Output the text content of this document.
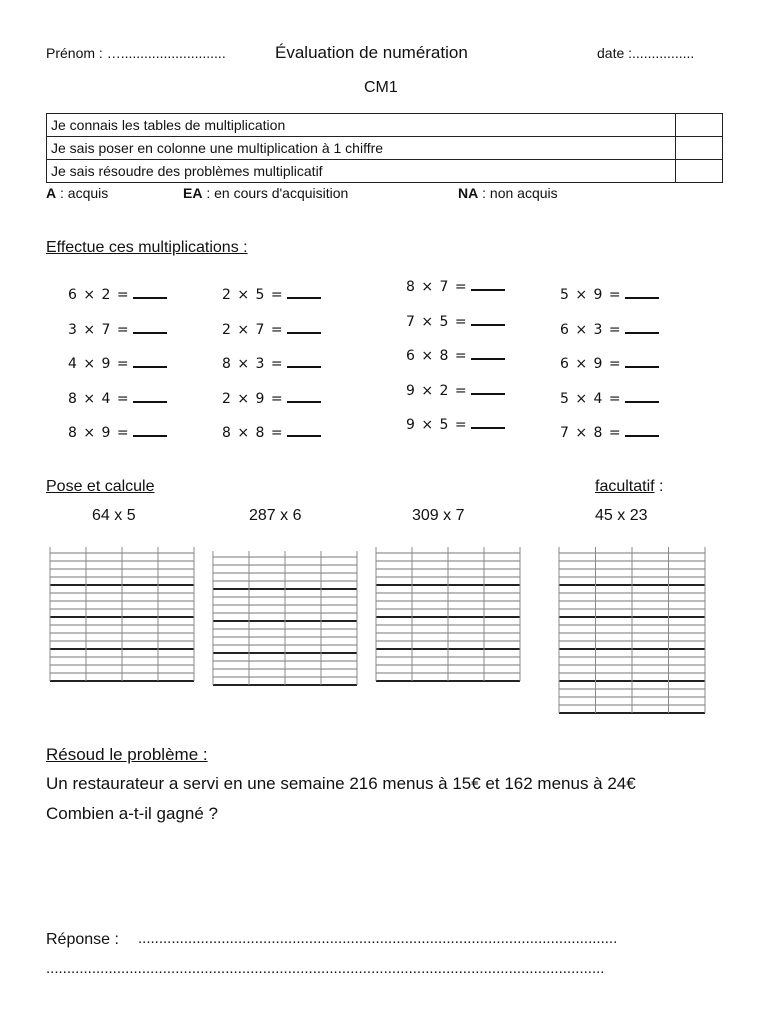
Prénom : …...........................	Évaluation de numération	date :................
CM1
Je connais les tables de multiplication	
Je sais poser en colonne une multiplication à 1 chiffre	
Je sais résoudre des problèmes multiplicatif	
A : acquis	EA : en cours d'acquisition	NA : non acquis
Effectue ces multiplications :
6 × 2 =
3 × 7 =
4 × 9 =
8 × 4 =
8 × 9 =
2 × 5 =
2 × 7 =
8 × 3 =
2 × 9 =
8 × 8 =
8 × 7 =
7 × 5 =
6 × 8 =
9 × 2 =
9 × 5 =
5 × 9 =
6 × 3 =
6 × 9 =
5 × 4 =
7 × 8 =
Pose et calcule	facultatif :
64 x 5	287 x 6	309 x 7	45 x 23
Résoud le problème :
Un restaurateur a servi en une semaine 216 menus à 15€ et 162 menus à 24€
Combien a-t-il gagné ?
Réponse : ...................................................................................................................
......................................................................................................................................
